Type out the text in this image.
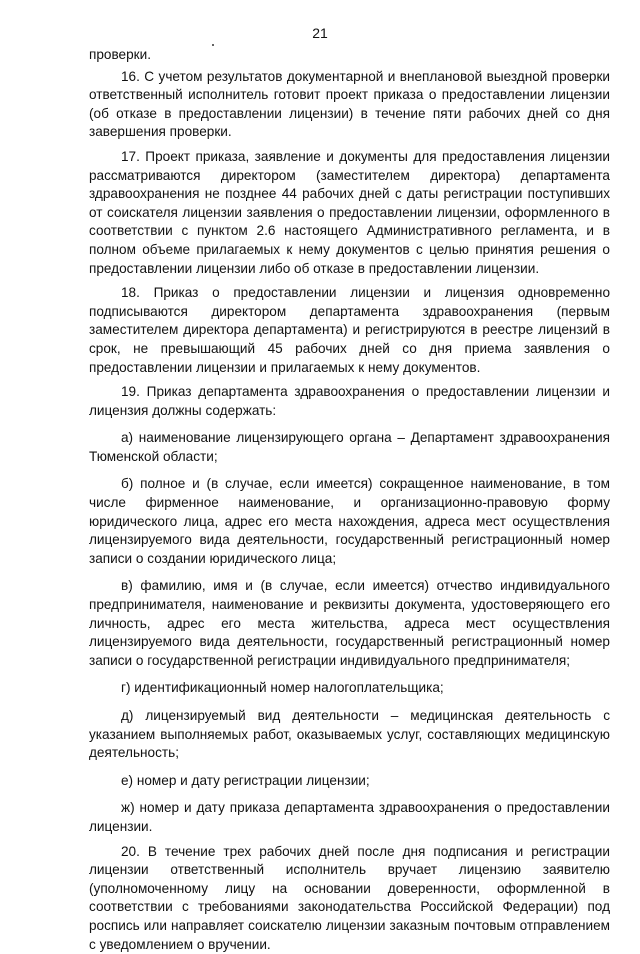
21

проверки.

16. С учетом результатов документарной и внеплановой выездной проверки ответственный исполнитель готовит проект приказа о предоставлении лицензии (об отказе в предоставлении лицензии) в течение пяти рабочих дней со дня завершения проверки.

17. Проект приказа, заявление и документы для предоставления лицензии рассматриваются директором (заместителем директора) департамента здравоохранения не позднее 44 рабочих дней с даты регистрации поступивших от соискателя лицензии заявления о предоставлении лицензии, оформленного в соответствии с пунктом 2.6 настоящего Административного регламента, и в полном объеме прилагаемых к нему документов с целью принятия решения о предоставлении лицензии либо об отказе в предоставлении лицензии.

18. Приказ о предоставлении лицензии и лицензия одновременно подписываются директором департамента здравоохранения (первым заместителем директора департамента) и регистрируются в реестре лицензий в срок, не превышающий 45 рабочих дней со дня приема заявления о предоставлении лицензии и прилагаемых к нему документов.

19. Приказ департамента здравоохранения о предоставлении лицензии и лицензия должны содержать:

а) наименование лицензирующего органа – Департамент здравоохранения Тюменской области;

б) полное и (в случае, если имеется) сокращенное наименование, в том числе фирменное наименование, и организационно-правовую форму юридического лица, адрес его места нахождения, адреса мест осуществления лицензируемого вида деятельности, государственный регистрационный номер записи о создании юридического лица;

в) фамилию, имя и (в случае, если имеется) отчество индивидуального предпринимателя, наименование и реквизиты документа, удостоверяющего его личность, адрес его места жительства, адреса мест осуществления лицензируемого вида деятельности, государственный регистрационный номер записи о государственной регистрации индивидуального предпринимателя;

г) идентификационный номер налогоплательщика;

д) лицензируемый вид деятельности – медицинская деятельность с указанием выполняемых работ, оказываемых услуг, составляющих медицинскую деятельность;

е) номер и дату регистрации лицензии;

ж) номер и дату приказа департамента здравоохранения о предоставлении лицензии.

20. В течение трех рабочих дней после дня подписания и регистрации лицензии ответственный исполнитель вручает лицензию заявителю (уполномоченному лицу на основании доверенности, оформленной в соответствии с требованиями законодательства Российской Федерации) под роспись или направляет соискателю лицензии заказным почтовым отправлением с уведомлением о вручении.
